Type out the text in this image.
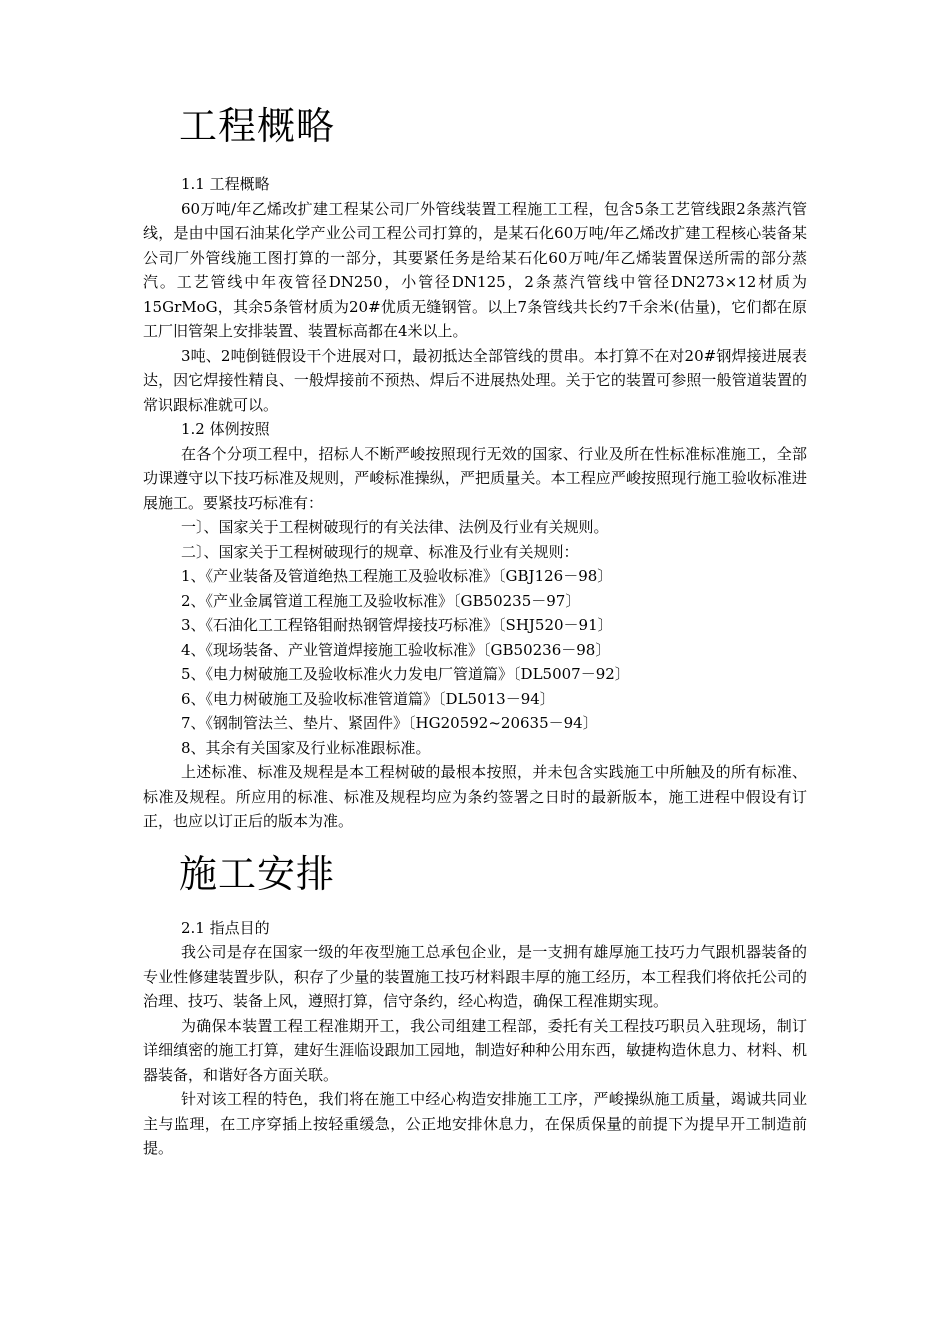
工程概略

1.1 工程概略

60万吨/年乙烯改扩建工程某公司厂外管线装置工程施工工程，包含5条工艺管线跟2条蒸汽管线，是由中国石油某化学产业公司工程公司打算的，是某石化60万吨/年乙烯改扩建工程核心装备某公司厂外管线施工图打算的一部分，其要紧任务是给某石化60万吨/年乙烯装置保送所需的部分蒸汽。工艺管线中年夜管径DN250，小管径DN125，2条蒸汽管线中管径DN273×12材质为15GrMoG，其余5条管材质为20#优质无缝钢管。以上7条管线共长约7千余米(估量)，它们都在原工厂旧管架上安排装置、装置标高都在4米以上。

3吨、2吨倒链假设干个进展对口，最初抵达全部管线的贯串。本打算不在对20#钢焊接进展表达，因它焊接性精良、一般焊接前不预热、焊后不进展热处理。关于它的装置可参照一般管道装置的常识跟标准就可以。

1.2 体例按照

在各个分项工程中，招标人不断严峻按照现行无效的国家、行业及所在性标准标准施工，全部功课遵守以下技巧标准及规则，严峻标准操纵，严把质量关。本工程应严峻按照现行施工验收标准进展施工。要紧技巧标准有：

一〕、国家关于工程树破现行的有关法律、法例及行业有关规则。

二〕、国家关于工程树破现行的规章、标准及行业有关规则：

1、《产业装备及管道绝热工程施工及验收标准》〔GBJ126－98〕

2、《产业金属管道工程施工及验收标准》〔GB50235－97〕

3、《石油化工工程铬钼耐热钢管焊接技巧标准》〔SHJ520－91〕

4、《现场装备、产业管道焊接施工验收标准》〔GB50236－98〕

5、《电力树破施工及验收标准火力发电厂管道篇》〔DL5007－92〕

6、《电力树破施工及验收标准管道篇》〔DL5013－94〕

7、《钢制管法兰、垫片、紧固件》〔HG20592~20635－94〕

8、其余有关国家及行业标准跟标准。

上述标准、标准及规程是本工程树破的最根本按照，并未包含实践施工中所触及的所有标准、标准及规程。所应用的标准、标准及规程均应为条约签署之日时的最新版本，施工进程中假设有订正，也应以订正后的版本为准。

施工安排

2.1 指点目的

我公司是存在国家一级的年夜型施工总承包企业，是一支拥有雄厚施工技巧力气跟机器装备的专业性修建装置步队，积存了少量的装置施工技巧材料跟丰厚的施工经历，本工程我们将依托公司的治理、技巧、装备上风，遵照打算，信守条约，经心构造，确保工程准期实现。

为确保本装置工程工程准期开工，我公司组建工程部，委托有关工程技巧职员入驻现场，制订详细缜密的施工打算，建好生涯临设跟加工园地，制造好种种公用东西，敏捷构造休息力、材料、机器装备，和谐好各方面关联。

针对该工程的特色，我们将在施工中经心构造安排施工工序，严峻操纵施工质量，竭诚共同业主与监理，在工序穿插上按轻重缓急，公正地安排休息力，在保质保量的前提下为提早开工制造前提。
